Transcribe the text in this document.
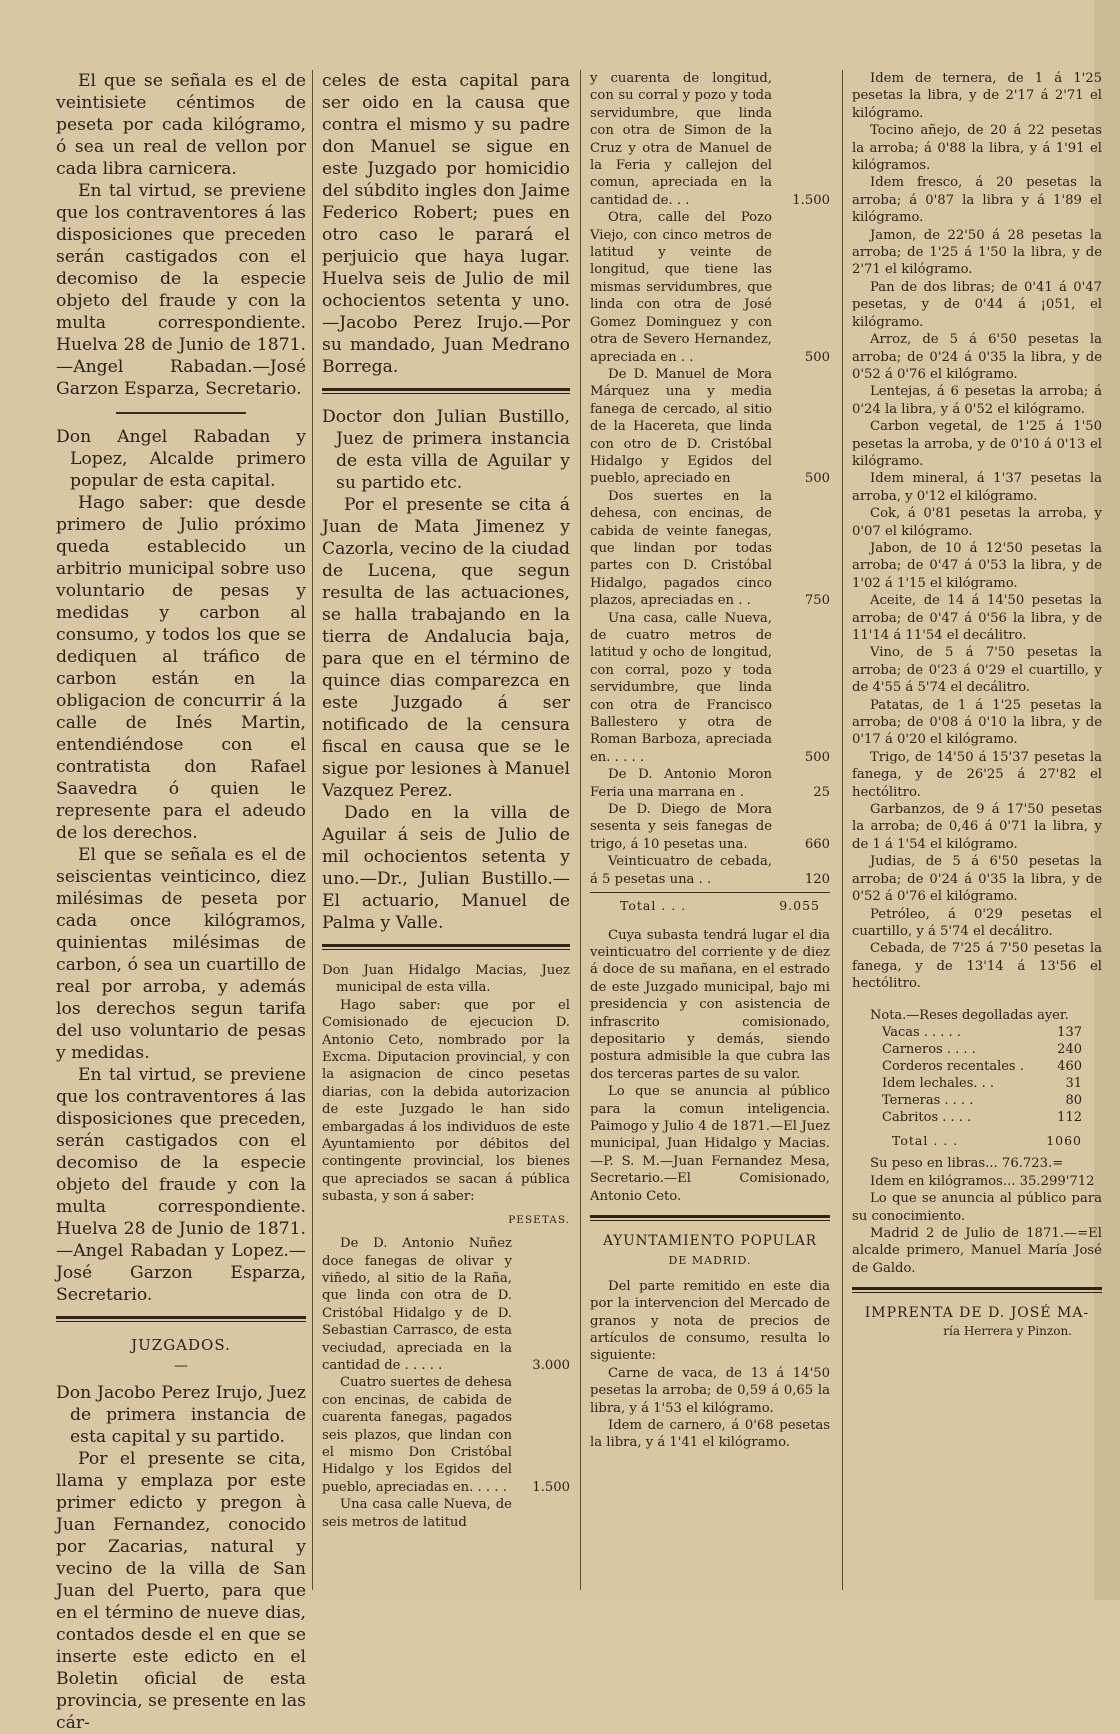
El que se señala es el de veintisiete céntimos de peseta por cada kilógramo, ó sea un real de vellon por cada libra carnicera.

En tal virtud, se previene que los contraventores á las disposiciones que preceden serán castigados con el decomiso de la especie objeto del fraude y con la multa correspondiente. Huelva 28 de Junio de 1871.—Angel Rabadan.—José Garzon Esparza, Secretario.

Don Angel Rabadan y Lopez, Alcalde primero popular de esta capital.

Hago saber: que desde primero de Julio próximo queda establecido un arbitrio municipal sobre uso voluntario de pesas y medidas y carbon al consumo, y todos los que se dediquen al tráfico de carbon están en la obligacion de concurrir á la calle de Inés Martin, entendiéndose con el contratista don Rafael Saavedra ó quien le represente para el adeudo de los derechos.

El que se señala es el de seiscientas veinticinco, diez milésimas de peseta por cada once kilógramos, quinientas milésimas de carbon, ó sea un cuartillo de real por arroba, y además los derechos segun tarifa del uso voluntario de pesas y medidas.

En tal virtud, se previene que los contraventores á las disposiciones que preceden, serán castigados con el decomiso de la especie objeto del fraude y con la multa correspondiente. Huelva 28 de Junio de 1871.—Angel Rabadan y Lopez.—José Garzon Esparza, Secretario.

JUZGADOS.
—

Don Jacobo Perez Irujo, Juez de primera instancia de esta capital y su partido.

Por el presente se cita, llama y emplaza por este primer edicto y pregon à Juan Fernandez, conocido por Zacarias, natural y vecino de la villa de San Juan del Puerto, para que en el término de nueve dias, contados desde el en que se inserte este edicto en el Boletin oficial de esta provincia, se presente en las cár-

celes de esta capital para ser oido en la causa que contra el mismo y su padre don Manuel se sigue en este Juzgado por homicidio del súbdito ingles don Jaime Federico Robert; pues en otro caso le parará el perjuicio que haya lugar. Huelva seis de Julio de mil ochocientos setenta y uno.—Jacobo Perez Irujo.—Por su mandado, Juan Medrano Borrega.

Doctor don Julian Bustillo, Juez de primera instancia de esta villa de Aguilar y su partido etc.

Por el presente se cita á Juan de Mata Jimenez y Cazorla, vecino de la ciudad de Lucena, que segun resulta de las actuaciones, se halla trabajando en la tierra de Andalucia baja, para que en el término de quince dias comparezca en este Juzgado á ser notificado de la censura fiscal en causa que se le sigue por lesiones à Manuel Vazquez Perez.

Dado en la villa de Aguilar á seis de Julio de mil ochocientos setenta y uno.—Dr., Julian Bustillo.—El actuario, Manuel de Palma y Valle.

Don Juan Hidalgo Macias, Juez municipal de esta villa.

Hago saber: que por el Comisionado de ejecucion D. Antonio Ceto, nombrado por la Excma. Diputacion provincial, y con la asignacion de cinco pesetas diarias, con la debida autorizacion de este Juzgado le han sido embargadas á los individuos de este Ayuntamiento por débitos del contingente provincial, los bienes que apreciados se sacan á pública subasta, y son á saber:

PESETAS.

De D. Antonio Nuñez doce fanegas de olivar y viñedo, al sitio de la Raña, que linda con otra de D. Cristóbal Hidalgo y de D. Sebastian Carrasco, de esta veciudad, apreciada en la cantidad de . . . . .	3.000

Cuatro suertes de dehesa con encinas, de cabida de cuarenta fanegas, pagados seis plazos, que lindan con el mismo Don Cristóbal Hidalgo y los Egidos del pueblo, apreciadas en. . . . .	1.500

Una casa calle Nueva, de seis metros de latitud

y cuarenta de longitud, con su corral y pozo y toda servidumbre, que linda con otra de Simon de la Cruz y otra de Manuel de la Feria y callejon del comun, apreciada en la cantidad de. . .	1.500

Otra, calle del Pozo Viejo, con cinco metros de latitud y veinte de longitud, que tiene las mismas servidumbres, que linda con otra de José Gomez Dominguez y con otra de Severo Hernandez, apreciada en . .	500

De D. Manuel de Mora Márquez una y media fanega de cercado, al sitio de la Hacereta, que linda con otro de D. Cristóbal Hidalgo y Egidos del pueblo, apreciado en	500

Dos suertes en la dehesa, con encinas, de cabida de veinte fanegas, que lindan por todas partes con D. Cristóbal Hidalgo, pagados cinco plazos, apreciadas en . .	750

Una casa, calle Nueva, de cuatro metros de latitud y ocho de longitud, con corral, pozo y toda servidumbre, que linda con otra de Francisco Ballestero y otra de Roman Barboza, apreciada en. . . . .	500

De D. Antonio Moron Feria una marrana en .	25

De D. Diego de Mora sesenta y seis fanegas de trigo, á 10 pesetas una.	660

Veinticuatro de cebada, á 5 pesetas una . .	120
Total . . .	9.055

Cuya subasta tendrá lugar el dia veinticuatro del corriente y de diez á doce de su mañana, en el estrado de este Juzgado municipal, bajo mi presidencia y con asistencia de infrascrito comisionado, depositario y demás, siendo postura admisible la que cubra las dos terceras partes de su valor.

Lo que se anuncia al público para la comun inteligencia. Paimogo y Julio 4 de 1871.—El Juez municipal, Juan Hidalgo y Macias.—P. S. M.—Juan Fernandez Mesa, Secretario.—El Comisionado, Antonio Ceto.

AYUNTAMIENTO POPULAR
DE MADRID.

Del parte remitido en este dia por la intervencion del Mercado de granos y nota de precios de artículos de consumo, resulta lo siguiente:

Carne de vaca, de 13 á 14'50 pesetas la arroba; de 0,59 á 0,65 la libra, y á 1'53 el kilógramo.

Idem de carnero, á 0'68 pesetas la libra, y á 1'41 el kilógramo.

Idem de ternera, de 1 á 1'25 pesetas la libra, y de 2'17 á 2'71 el kilógramo.

Tocino añejo, de 20 á 22 pesetas la arroba; á 0'88 la libra, y á 1'91 el kilógramos.

Idem fresco, á 20 pesetas la arroba; á 0'87 la libra y á 1'89 el kilógramo.

Jamon, de 22'50 á 28 pesetas la arroba; de 1'25 á 1'50 la libra, y de 2'71 el kilógramo.

Pan de dos libras; de 0'41 á 0'47 pesetas, y de 0'44 á ¡051, el kilógramo.

Arroz, de 5 á 6'50 pesetas la arroba; de 0'24 á 0'35 la libra, y de 0'52 á 0'76 el kilógramo.

Lentejas, á 6 pesetas la arroba; á 0'24 la libra, y á 0'52 el kilógramo.

Carbon vegetal, de 1'25 á 1'50 pesetas la arroba, y de 0'10 á 0'13 el kilógramo.

Idem mineral, á 1'37 pesetas la arroba, y 0'12 el kilógramo.

Cok, á 0'81 pesetas la arroba, y 0'07 el kilógramo.

Jabon, de 10 á 12'50 pesetas la arroba; de 0'47 á 0'53 la libra, y de 1'02 á 1'15 el kilógramo.

Aceite, de 14 á 14'50 pesetas la arroba; de 0'47 á 0'56 la libra, y de 11'14 á 11'54 el decálitro.

Vino, de 5 á 7'50 pesetas la arroba; de 0'23 á 0'29 el cuartillo, y de 4'55 á 5'74 el decálitro.

Patatas, de 1 á 1'25 pesetas la arroba; de 0'08 á 0'10 la libra, y de 0'17 á 0'20 el kilógramo.

Trigo, de 14'50 á 15'37 pesetas la fanega, y de 26'25 á 27'82 el hectólitro.

Garbanzos, de 9 á 17'50 pesetas la arroba; de 0,46 á 0'71 la libra, y de 1 á 1'54 el kilógramo.

Judias, de 5 á 6'50 pesetas la arroba; de 0'24 á 0'35 la libra, y de 0'52 á 0'76 el kilógramo.

Petróleo, á 0'29 pesetas el cuartillo, y á 5'74 el decálitro.

Cebada, de 7'25 á 7'50 pesetas la fanega, y de 13'14 á 13'56 el hectólitro.

Nota.—Reses degolladas ayer.

Vacas . . . . .	137
Carneros . . . .	240
Corderos recentales .	460
Idem lechales. . .	31
Terneras . . . .	80
Cabritos . . . .	112
Total . . .	1060

Su peso en libras... 76.723.=

Idem en kilógramos... 35.299'712

Lo que se anuncia al público para su conocimiento.

Madrid 2 de Julio de 1871.—=El alcalde primero, Manuel María José de Galdo.

IMPRENTA DE D. JOSÉ MA-
ría Herrera y Pinzon.
